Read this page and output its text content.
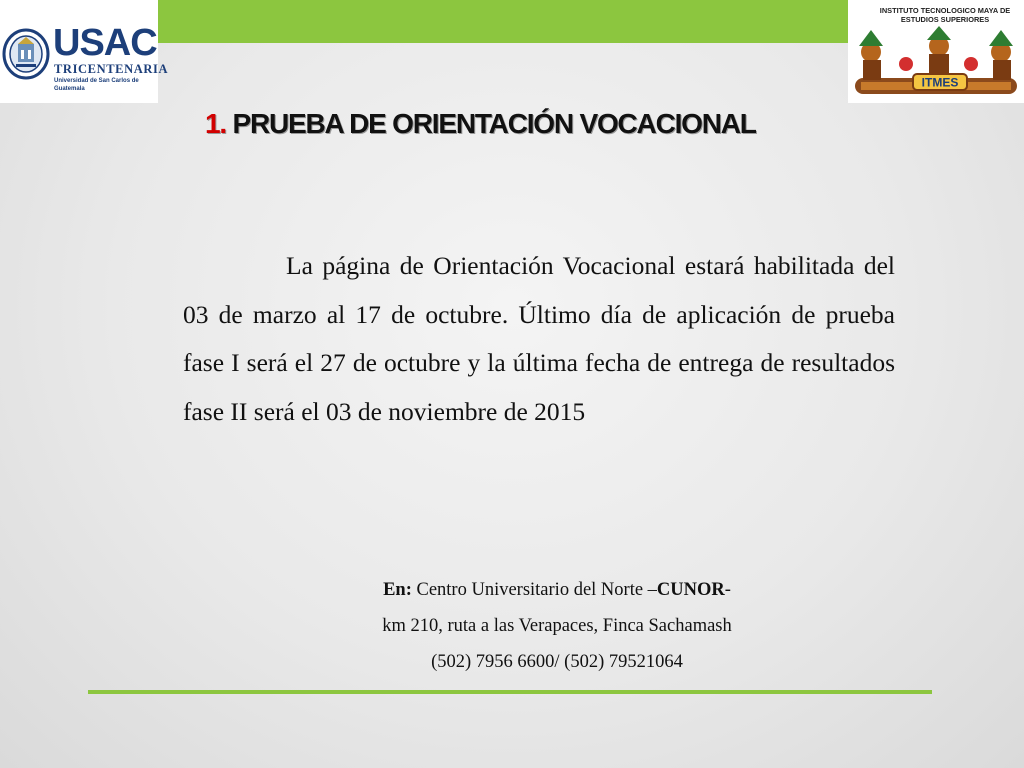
USAC
TRICENTENARIA
Universidad de San Carlos de Guatemala
INSTITUTO TECNOLOGICO MAYA DE
ESTUDIOS SUPERIORES
ITMES
1. PRUEBA DE ORIENTACIÓN VOCACIONAL
La página de Orientación Vocacional estará habilitada del 03 de marzo al 17 de octubre. Último día de aplicación de prueba fase I será el 27 de octubre y la última fecha de entrega de resultados fase II será el 03 de noviembre de 2015
En: Centro Universitario del Norte –CUNOR-
km 210, ruta a las Verapaces, Finca Sachamash
(502) 7956 6600/ (502) 79521064
